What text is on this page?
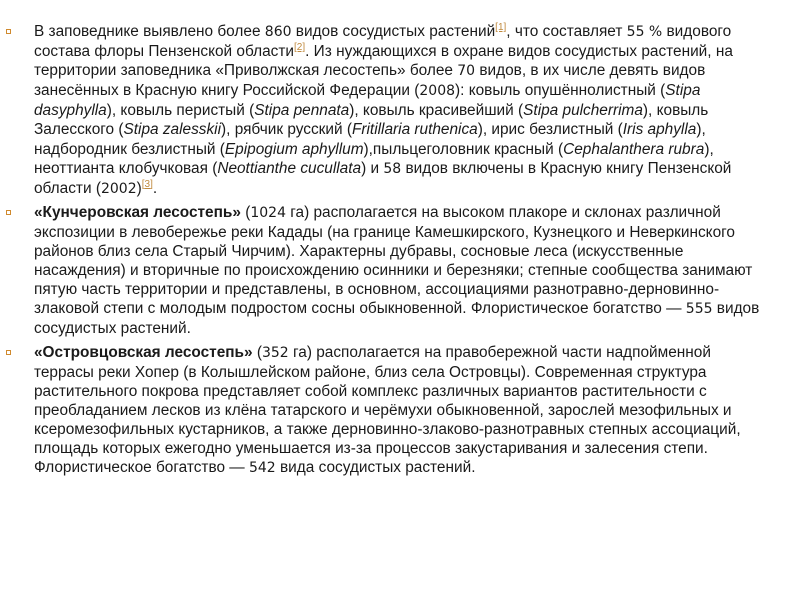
В заповеднике выявлено более 860 видов сосудистых растений[1], что составляет 55 % видового состава флоры Пензенской области[2]. Из нуждающихся в охране видов сосудистых растений, на территории заповедника «Приволжская лесостепь» более 70 видов, в их числе девять видов занесённых в Красную книгу Российской Федерации (2008): ковыль опушённолистный (Stipa dasyphylla), ковыль перистый (Stipa pennata), ковыль красивейший (Stipa pulcherrima), ковыль Залесского (Stipa zalesskii), рябчик русский (Fritillaria ruthenica), ирис безлистный (Iris aphylla), надбородник безлистный (Epipogium aphyllum),пыльцеголовник красный (Cephalanthera rubra), неоттианта клобучковая (Neottianthe cucullata) и 58 видов включены в Красную книгу Пензенской области (2002)[3].
«Кунчеровская лесостепь» (1024 га) располагается на высоком плакоре и склонах различной экспозиции в левобережье реки Кадады (на границе Камешкирского, Кузнецкого и Неверкинского районов близ села Старый Чирчим). Характерны дубравы, сосновые леса (искусственные насаждения) и вторичные по происхождению осинники и березняки; степные сообщества занимают пятую часть территории и представлены, в основном, ассоциациями разнотравно-дерновинно-злаковой степи с молодым подростом сосны обыкновенной. Флористическое богатство — 555 видов сосудистых растений.
«Островцовская лесостепь» (352 га) располагается на правобережной части надпойменной террасы реки Хопер (в Колышлейском районе, близ села Островцы). Современная структура растительного покрова представляет собой комплекс различных вариантов растительности с преобладанием лесков из клёна татарского и черёмухи обыкновенной, зарослей мезофильных и ксеромезофильных кустарников, а также дерновинно-злаково-разнотравных степных ассоциаций, площадь которых ежегодно уменьшается из-за процессов закустаривания и залесения степи. Флористическое богатство — 542 вида сосудистых растений.
